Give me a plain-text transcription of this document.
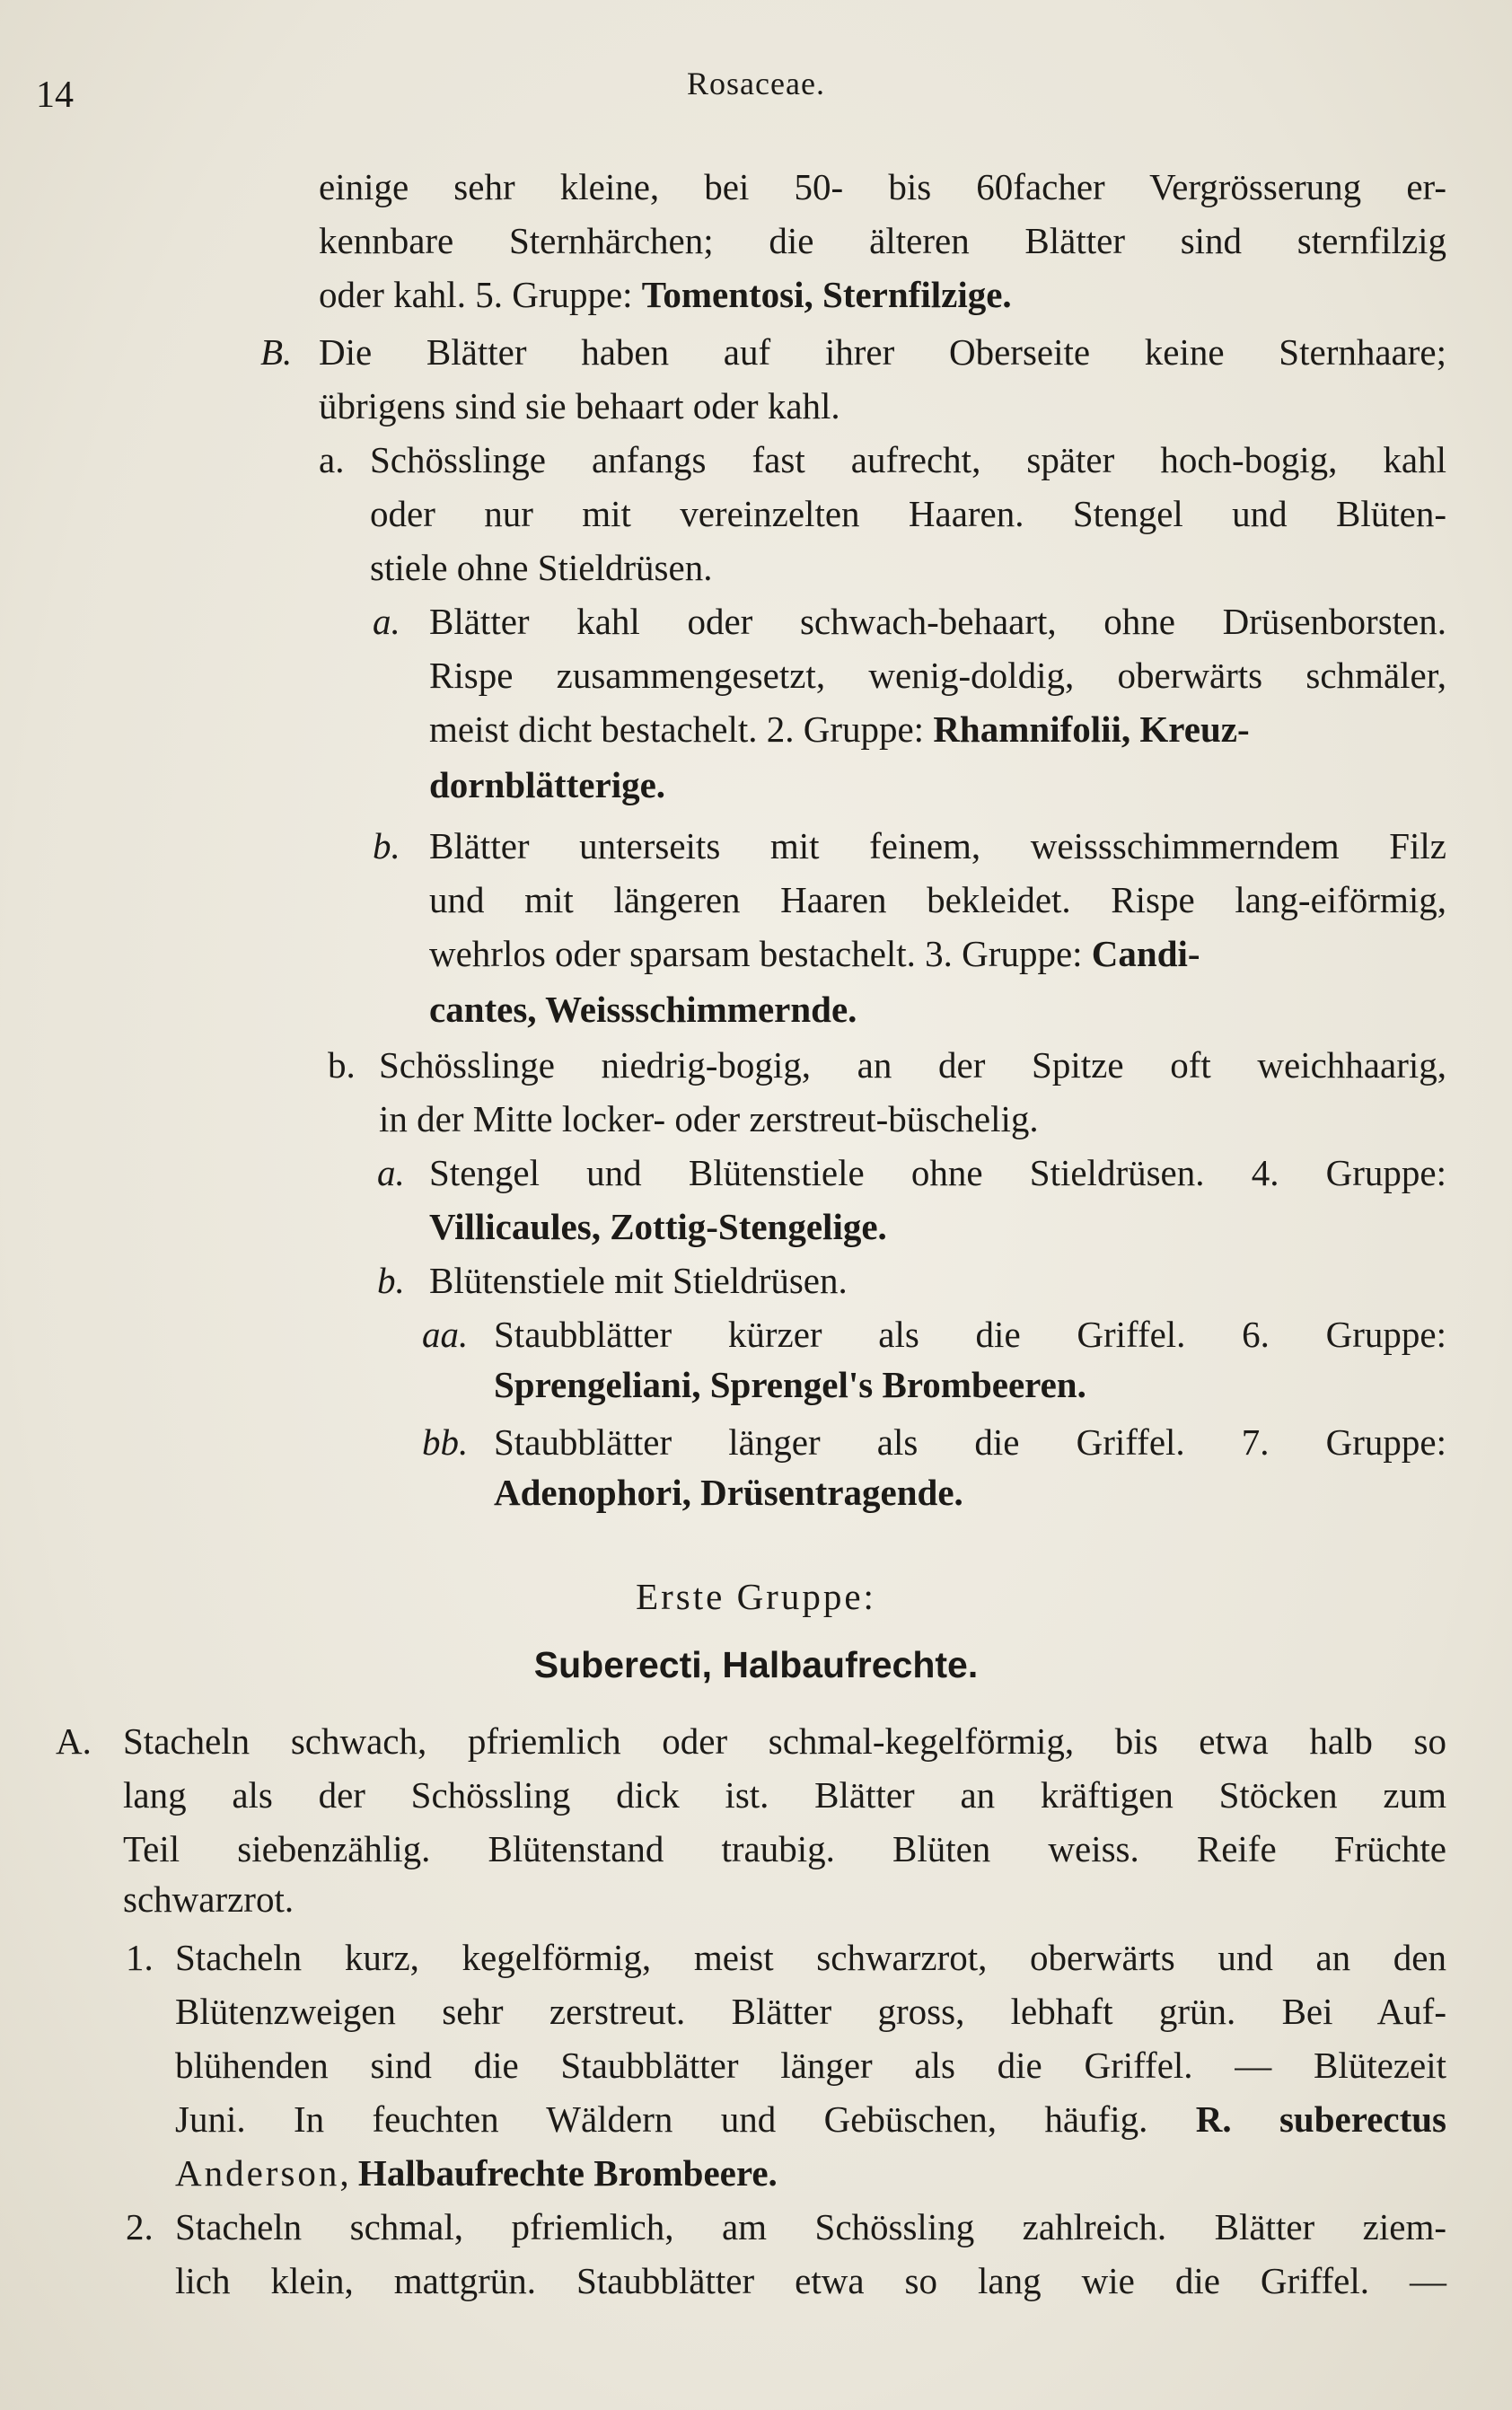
14	Rosaceae.
einige sehr kleine, bei 50- bis 60facher Vergrösserung er-
kennbare Sternhärchen; die älteren Blätter sind sternfilzig
oder kahl. 5. Gruppe: Tomentosi, Sternfilzige.
B. Die Blätter haben auf ihrer Oberseite keine Sternhaare;
übrigens sind sie behaart oder kahl.
a. Schösslinge anfangs fast aufrecht, später hoch-bogig, kahl
oder nur mit vereinzelten Haaren. Stengel und Blüten-
stiele ohne Stieldrüsen.
a. Blätter kahl oder schwach-behaart, ohne Drüsenborsten.
Rispe zusammengesetzt, wenig-doldig, oberwärts schmäler,
meist dicht bestachelt. 2. Gruppe: Rhamnifolii, Kreuz-
dornblätterige.
b. Blätter unterseits mit feinem, weissschimmerndem Filz
und mit längeren Haaren bekleidet. Rispe lang-eiförmig,
wehrlos oder sparsam bestachelt. 3. Gruppe: Candi-
cantes, Weissschimmernde.
b. Schösslinge niedrig-bogig, an der Spitze oft weichhaarig,
in der Mitte locker- oder zerstreut-büschelig.
a. Stengel und Blütenstiele ohne Stieldrüsen. 4. Gruppe:
Villicaules, Zottig-Stengelige.
b. Blütenstiele mit Stieldrüsen.
aa. Staubblätter kürzer als die Griffel. 6. Gruppe:
Sprengeliani, Sprengel's Brombeeren.
bb. Staubblätter länger als die Griffel. 7. Gruppe:
Adenophori, Drüsentragende.
Erste Gruppe:
Suberecti, Halbaufrechte.
A. Stacheln schwach, pfriemlich oder schmal-kegelförmig, bis etwa halb so
lang als der Schössling dick ist. Blätter an kräftigen Stöcken zum
Teil siebenzählig. Blütenstand traubig. Blüten weiss. Reife Früchte
schwarzrot.
1. Stacheln kurz, kegelförmig, meist schwarzrot, oberwärts und an den
Blütenzweigen sehr zerstreut. Blätter gross, lebhaft grün. Bei Auf-
blühenden sind die Staubblätter länger als die Griffel. — Blütezeit
Juni. In feuchten Wäldern und Gebüschen, häufig. R. suberectus
Anderson, Halbaufrechte Brombeere.
2. Stacheln schmal, pfriemlich, am Schössling zahlreich. Blätter ziem-
lich klein, mattgrün. Staubblätter etwa so lang wie die Griffel. —
